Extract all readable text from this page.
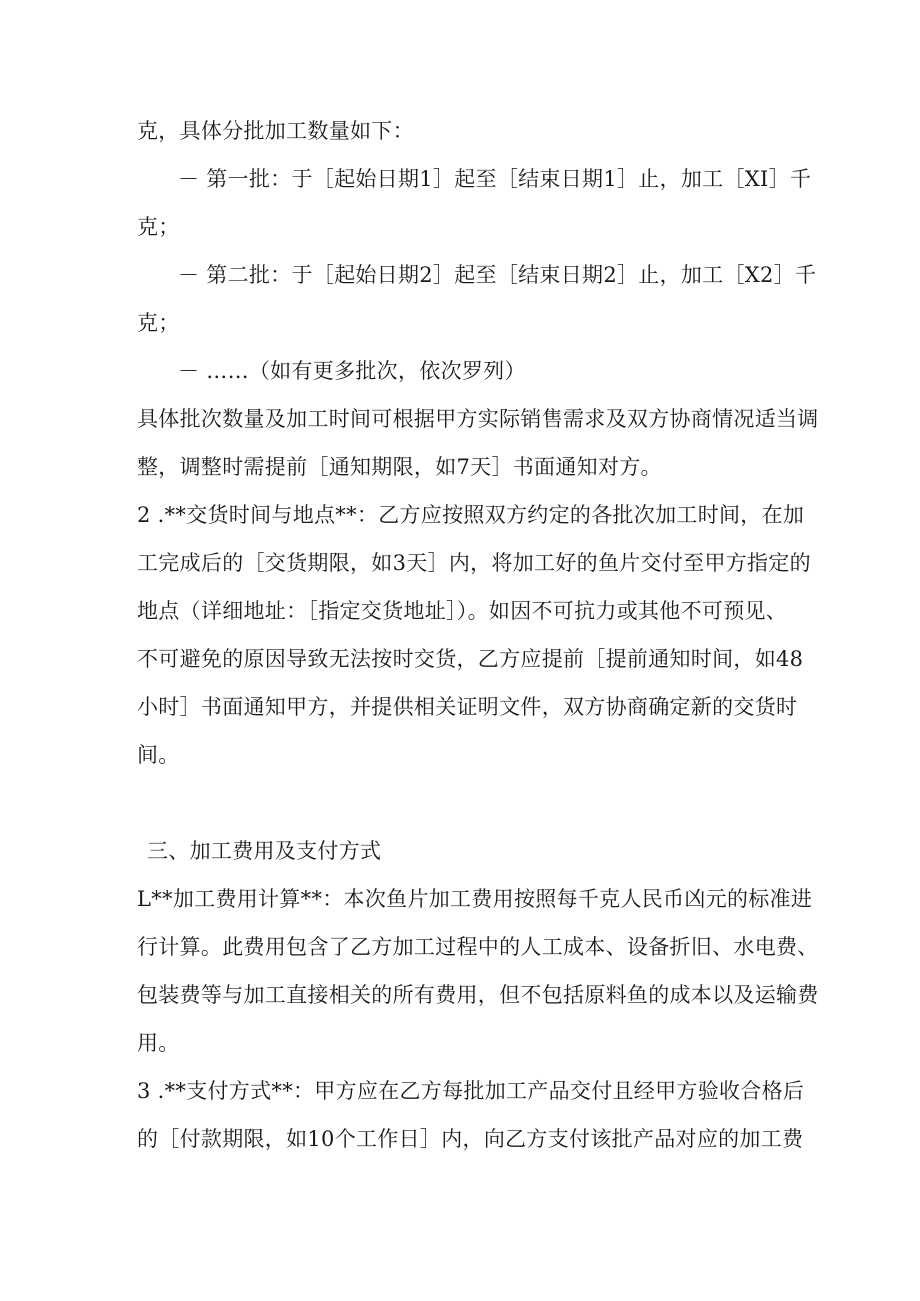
克，具体分批加工数量如下：
－ 第一批：于［起始日期1］起至［结束日期1］止，加工［XI］千
克；
－ 第二批：于［起始日期2］起至［结束日期2］止，加工［X2］千
克；
－ ……（如有更多批次，依次罗列）
具体批次数量及加工时间可根据甲方实际销售需求及双方协商情况适当调
整，调整时需提前［通知期限，如7天］书面通知对方。
2 .**交货时间与地点**：乙方应按照双方约定的各批次加工时间，在加
工完成后的［交货期限，如3天］内，将加工好的鱼片交付至甲方指定的
地点（详细地址：［指定交货地址］）。如因不可抗力或其他不可预见、
不可避免的原因导致无法按时交货，乙方应提前［提前通知时间，如48
小时］书面通知甲方，并提供相关证明文件，双方协商确定新的交货时
间。
三、加工费用及支付方式
L**加工费用计算**：本次鱼片加工费用按照每千克人民币凶元的标准进
行计算。此费用包含了乙方加工过程中的人工成本、设备折旧、水电费、
包装费等与加工直接相关的所有费用，但不包括原料鱼的成本以及运输费
用。
3 .**支付方式**：甲方应在乙方每批加工产品交付且经甲方验收合格后
的［付款期限，如10个工作日］内，向乙方支付该批产品对应的加工费
